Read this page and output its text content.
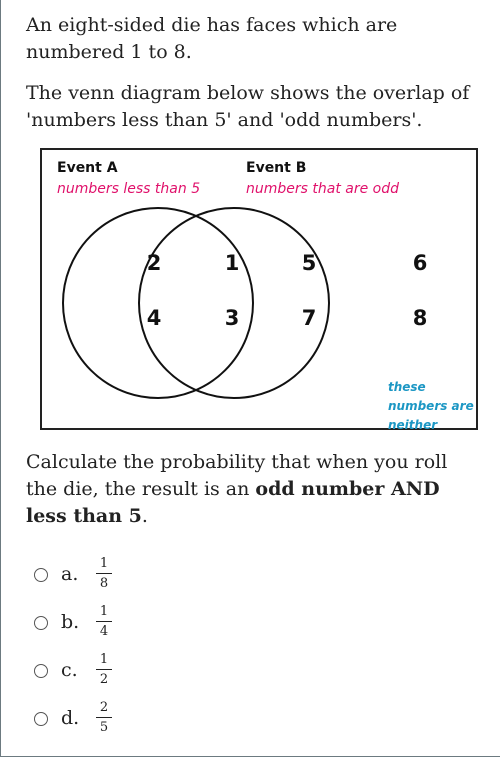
An eight-sided die has faces which are numbered 1 to 8.

The venn diagram below shows the overlap of 'numbers less than 5' and 'odd numbers'.

Event A
numbers less than 5
Event B
numbers that are odd
2
4
1
3
5
7
6
8
these numbers are neither

Calculate the probability that when you roll the die, the result is an odd number AND less than 5.

a. 1
8
b. 1
4
c. 1
2
d. 2
5
